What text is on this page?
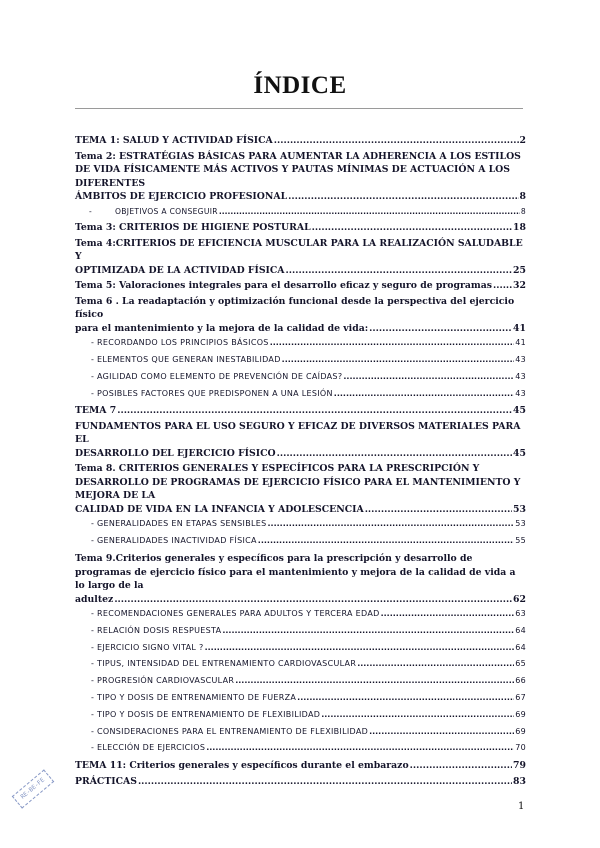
ÍNDICE
TEMA 1: SALUD Y ACTIVIDAD FÍSICA .....	2
Tema 2: ESTRATÉGIAS BÁSICAS PARA AUMENTAR LA ADHERENCIA A LOS ESTILOS DE VIDA FÍSICAMENTE MÁS ACTIVOS Y PAUTAS MÍNIMAS DE ACTUACIÓN A LOS DIFERENTES
ÁMBITOS DE EJERCICIO PROFESIONAL .....	8
-	OBJETIVOS A CONSEGUIR .....	8
Tema 3: CRITERIOS DE HIGIENE POSTURAL .....	18
Tema 4:CRITERIOS DE EFICIENCIA MUSCULAR PARA LA REALIZACIÓN SALUDABLE Y
OPTIMIZADA DE LA ACTIVIDAD FÍSICA .....	25
Tema 5: Valoraciones integrales para el desarrollo eficaz y seguro de programas ..... 32
Tema 6 . La readaptación y optimización funcional desde la perspectiva del ejercicio físico
para el mantenimiento y la mejora de la calidad de vida: .....	41
- RECORDANDO LOS PRINCIPIOS BÁSICOS .....	41
- ELEMENTOS QUE GENERAN INESTABILIDAD .....	43
- AGILIDAD COMO ELEMENTO DE PREVENCIÓN DE CAÍDAS? .....	43
- POSIBLES FACTORES QUE PREDISPONEN A UNA LESIÓN .....	43
TEMA 7 .....	45
FUNDAMENTOS PARA EL USO SEGURO Y EFICAZ DE DIVERSOS MATERIALES PARA EL
DESARROLLO DEL EJERCICIO FÍSICO .....	45
Tema 8. CRITERIOS GENERALES Y ESPECÍFICOS PARA LA PRESCRIPCIÓN Y DESARROLLO DE PROGRAMAS DE EJERCICIO FÍSICO PARA EL MANTENIMIENTO Y MEJORA DE LA
CALIDAD DE VIDA EN LA INFANCIA Y ADOLESCENCIA .....	53
- GENERALIDADES EN ETAPAS SENSIBLES .....	53
- GENERALIDADES INACTIVIDAD FÍSICA .....	55
Tema 9.Criterios generales y específicos para la prescripción y desarrollo de programas de ejercicio físico para el mantenimiento y mejora de la calidad de vida a lo largo de la
adultez .....	62
- RECOMENDACIONES GENERALES PARA ADULTOS Y TERCERA EDAD .....	63
- RELACIÓN DOSIS RESPUESTA .....	64
- EJERCICIO SIGNO VITAL ? .....	64
- TIPUS, INTENSIDAD DEL ENTRENAMIENTO CARDIOVASCULAR .....	65
- PROGRESIÓN CARDIOVASCULAR .....	66
- TIPO Y DOSIS DE ENTRENAMIENTO DE FUERZA .....	67
- TIPO Y DOSIS DE ENTRENAMIENTO DE FLEXIBILIDAD .....	69
- CONSIDERACIONES PARA EL ENTRENAMIENTO DE FLEXIBILIDAD .....	69
- ELECCIÓN DE EJERCICIOS .....	70
TEMA 11: Criterios generales y específicos durante el embarazo .....	79
PRÁCTICAS .....	83
RE-BE-FE
1
